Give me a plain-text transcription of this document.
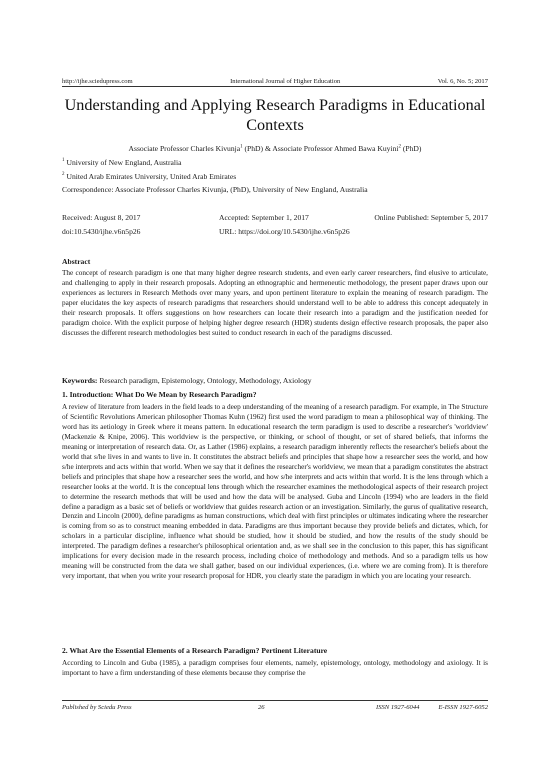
http://ijhe.sciedupress.com	International Journal of Higher Education	Vol. 6, No. 5; 2017
Understanding and Applying Research Paradigms in Educational Contexts
Associate Professor Charles Kivunja$^1$ (PhD) & Associate Professor Ahmed Bawa Kuyini$^2$ (PhD)
$^1$ University of New England, Australia
$^2$ United Arab Emirates University, United Arab Emirates
Correspondence: Associate Professor Charles Kivunja, (PhD), University of New England, Australia
Received: August 8, 2017	Accepted: September 1, 2017	Online Published: September 5, 2017
doi:10.5430/ijhe.v6n5p26	URL: https://doi.org/10.5430/ijhe.v6n5p26
Abstract
The concept of research paradigm is one that many higher degree research students, and even early career researchers, find elusive to articulate, and challenging to apply in their research proposals. Adopting an ethnographic and hermeneutic methodology, the present paper draws upon our experiences as lecturers in Research Methods over many years, and upon pertinent literature to explain the meaning of research paradigm. The paper elucidates the key aspects of research paradigms that researchers should understand well to be able to address this concept adequately in their research proposals. It offers suggestions on how researchers can locate their research into a paradigm and the justification needed for paradigm choice. With the explicit purpose of helping higher degree research (HDR) students design effective research proposals, the paper also discusses the different research methodologies best suited to conduct research in each of the paradigms discussed.
Keywords: Research paradigm, Epistemology, Ontology, Methodology, Axiology
1. Introduction: What Do We Mean by Research Paradigm?
A review of literature from leaders in the field leads to a deep understanding of the meaning of a research paradigm. For example, in The Structure of Scientific Revolutions American philosopher Thomas Kuhn (1962) first used the word paradigm to mean a philosophical way of thinking. The word has its aetiology in Greek where it means pattern. In educational research the term paradigm is used to describe a researcher's 'worldview' (Mackenzie & Knipe, 2006). This worldview is the perspective, or thinking, or school of thought, or set of shared beliefs, that informs the meaning or interpretation of research data. Or, as Lather (1986) explains, a research paradigm inherently reflects the researcher's beliefs about the world that s/he lives in and wants to live in. It constitutes the abstract beliefs and principles that shape how a researcher sees the world, and how s/he interprets and acts within that world. When we say that it defines the researcher's worldview, we mean that a paradigm constitutes the abstract beliefs and principles that shape how a researcher sees the world, and how s/he interprets and acts within that world. It is the lens through which a researcher looks at the world. It is the conceptual lens through which the researcher examines the methodological aspects of their research project to determine the research methods that will be used and how the data will be analysed. Guba and Lincoln (1994) who are leaders in the field define a paradigm as a basic set of beliefs or worldview that guides research action or an investigation. Similarly, the gurus of qualitative research, Denzin and Lincoln (2000), define paradigms as human constructions, which deal with first principles or ultimates indicating where the researcher is coming from so as to construct meaning embedded in data. Paradigms are thus important because they provide beliefs and dictates, which, for scholars in a particular discipline, influence what should be studied, how it should be studied, and how the results of the study should be interpreted. The paradigm defines a researcher's philosophical orientation and, as we shall see in the conclusion to this paper, this has significant implications for every decision made in the research process, including choice of methodology and methods. And so a paradigm tells us how meaning will be constructed from the data we shall gather, based on our individual experiences, (i.e. where we are coming from). It is therefore very important, that when you write your research proposal for HDR, you clearly state the paradigm in which you are locating your research.
2. What Are the Essential Elements of a Research Paradigm? Pertinent Literature
According to Lincoln and Guba (1985), a paradigm comprises four elements, namely, epistemology, ontology, methodology and axiology. It is important to have a firm understanding of these elements because they comprise the
Published by Sciedu Press	26	ISSN 1927-6044	E-ISSN 1927-6052
